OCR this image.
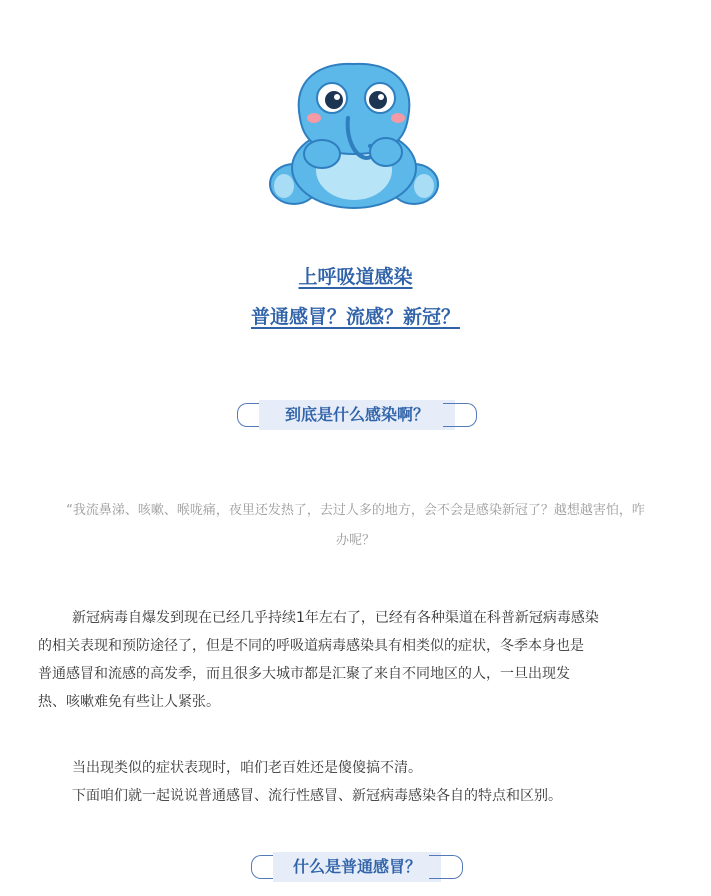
上呼吸道感染
普通感冒？流感？新冠？
到底是什么感染啊？
“我流鼻涕、咳嗽、喉咙痛，夜里还发热了，去过人多的地方，会不会是感染新冠了？越想越害怕，咋
办呢？
新冠病毒自爆发到现在已经几乎持续1年左右了，已经有各种渠道在科普新冠病毒感染
的相关表现和预防途径了，但是不同的呼吸道病毒感染具有相类似的症状，冬季本身也是
普通感冒和流感的高发季，而且很多大城市都是汇聚了来自不同地区的人，一旦出现发
热、咳嗽难免有些让人紧张。
当出现类似的症状表现时，咱们老百姓还是傻傻搞不清。
下面咱们就一起说说普通感冒、流行性感冒、新冠病毒感染各自的特点和区别。
什么是普通感冒？
